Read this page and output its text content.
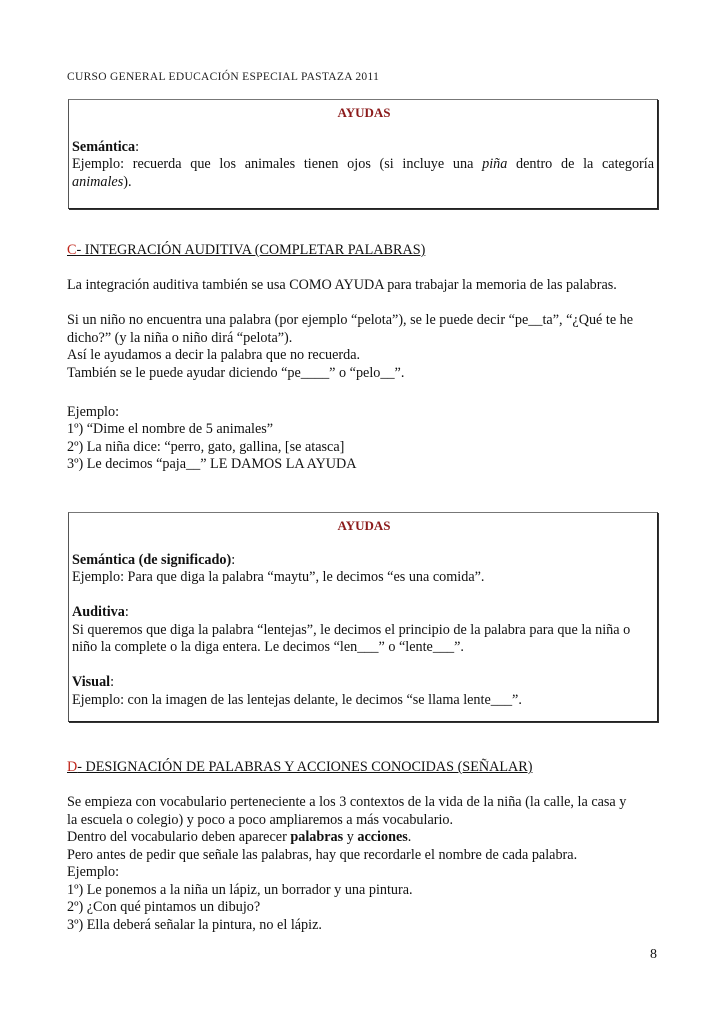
CURSO GENERAL EDUCACIÓN ESPECIAL PASTAZA 2011
AYUDAS

Semántica:

Ejemplo: recuerda que los animales tienen ojos (si incluye una piña dentro de la categoría

animales).

C- INTEGRACIÓN AUDITIVA (COMPLETAR PALABRAS)

La integración auditiva también se usa COMO AYUDA para trabajar la memoria de las palabras.

Si un niño no encuentra una palabra (por ejemplo “pelota”), se le puede decir “pe__ta”, “¿Qué te he

dicho?” (y la niña o niño dirá “pelota”).

Así le ayudamos a decir la palabra que no recuerda.

También se le puede ayudar diciendo “pe____” o “pelo__”.

Ejemplo:

1º) “Dime el nombre de 5 animales”

2º) La niña dice: “perro, gato, gallina, [se atasca]

3º) Le decimos “paja__” LE DAMOS LA AYUDA

AYUDAS

Semántica (de significado):

Ejemplo: Para que diga la palabra “maytu”, le decimos “es una comida”.

Auditiva:

Si queremos que diga la palabra “lentejas”, le decimos el principio de la palabra para que la niña o

niño la complete o la diga entera. Le decimos “len___” o “lente___”.

Visual:

Ejemplo: con la imagen de las lentejas delante, le decimos “se llama lente___”.

D- DESIGNACIÓN DE PALABRAS Y ACCIONES CONOCIDAS (SEÑALAR)

Se empieza con vocabulario perteneciente a los 3 contextos de la vida de la niña (la calle, la casa y

la escuela o colegio) y poco a poco ampliaremos a más vocabulario.

Dentro del vocabulario deben aparecer palabras y acciones.

Pero antes de pedir que señale las palabras, hay que recordarle el nombre de cada palabra.

Ejemplo:

1º) Le ponemos a la niña un lápiz, un borrador y una pintura.

2º) ¿Con qué pintamos un dibujo?

3º) Ella deberá señalar la pintura, no el lápiz.

8
